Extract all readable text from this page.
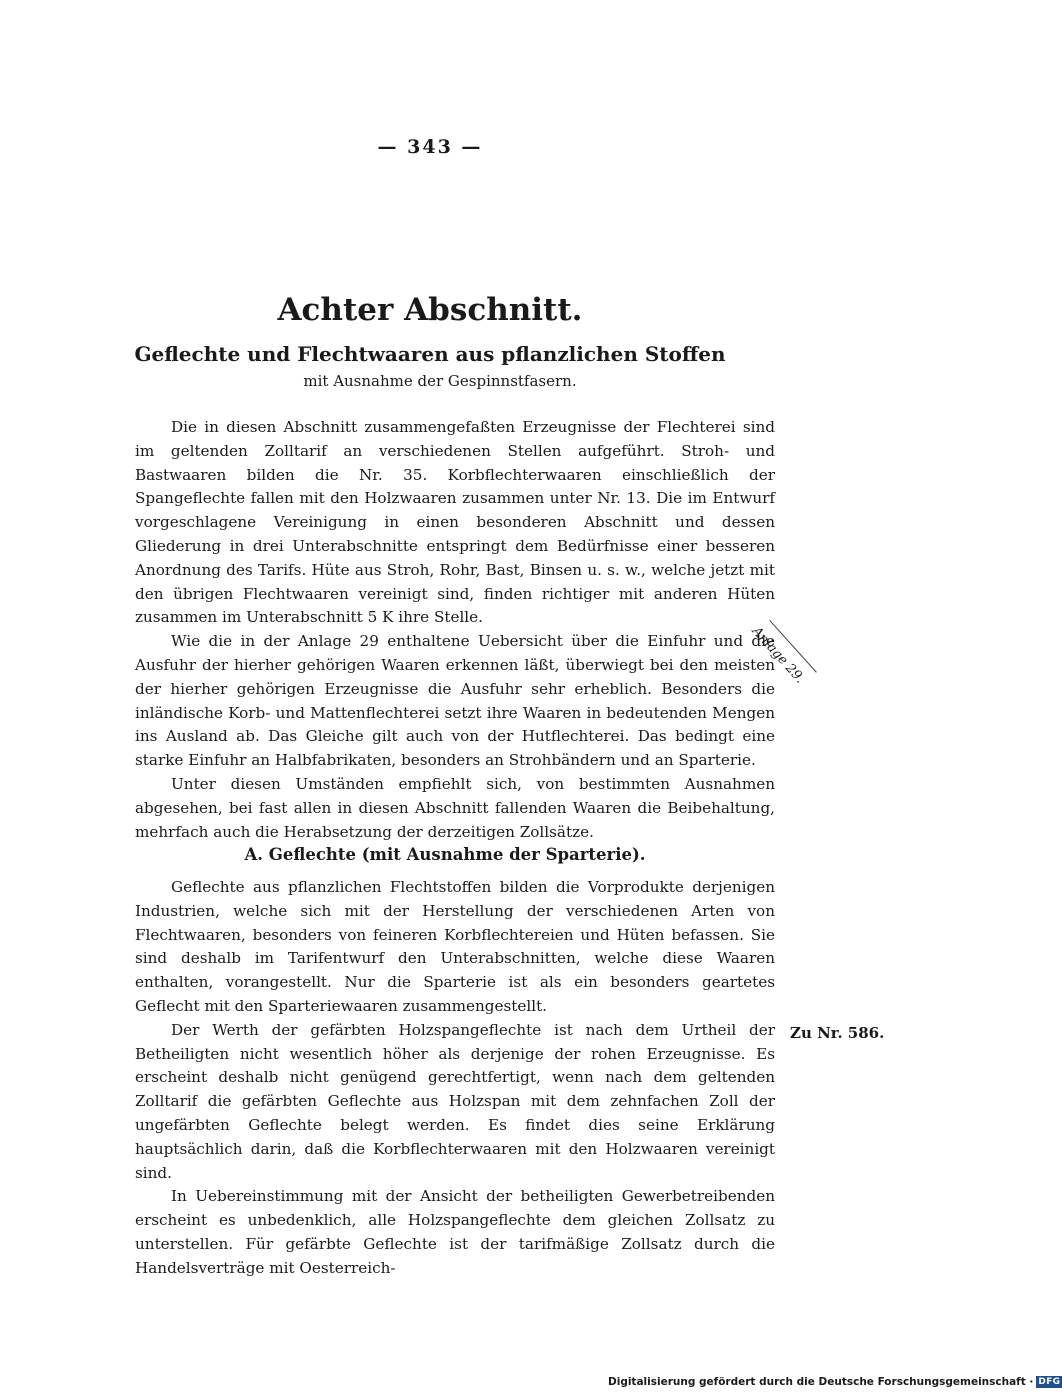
— 343 —
Achter Abschnitt.
Geflechte und Flechtwaaren aus pflanzlichen Stoffen
mit Ausnahme der Gespinnstfasern.

Die in diesen Abschnitt zusammengefaßten Erzeugnisse der Flechterei sind im geltenden Zolltarif an verschiedenen Stellen aufgeführt. Stroh- und Bastwaaren bilden die Nr. 35. Korbflechterwaaren einschließlich der Spangeflechte fallen mit den Holzwaaren zusammen unter Nr. 13. Die im Entwurf vorgeschlagene Vereinigung in einen besonderen Abschnitt und dessen Gliederung in drei Unterabschnitte entspringt dem Bedürfnisse einer besseren Anordnung des Tarifs. Hüte aus Stroh, Rohr, Bast, Binsen u. s. w., welche jetzt mit den übrigen Flechtwaaren vereinigt sind, finden richtiger mit anderen Hüten zusammen im Unterabschnitt 5 K ihre Stelle.

Wie die in der Anlage 29 enthaltene Uebersicht über die Einfuhr und die Ausfuhr der hierher gehörigen Waaren erkennen läßt, überwiegt bei den meisten der hierher gehörigen Erzeugnisse die Ausfuhr sehr erheblich. Besonders die inländische Korb- und Mattenflechterei setzt ihre Waaren in bedeutenden Mengen ins Ausland ab. Das Gleiche gilt auch von der Hutflechterei. Das bedingt eine starke Einfuhr an Halbfabrikaten, besonders an Strohbändern und an Sparterie.

Unter diesen Umständen empfiehlt sich, von bestimmten Ausnahmen abgesehen, bei fast allen in diesen Abschnitt fallenden Waaren die Beibehaltung, mehrfach auch die Herabsetzung der derzeitigen Zollsätze.

Anlage 29.
A. Geflechte (mit Ausnahme der Sparterie).

Geflechte aus pflanzlichen Flechtstoffen bilden die Vorprodukte derjenigen Industrien, welche sich mit der Herstellung der verschiedenen Arten von Flechtwaaren, besonders von feineren Korbflechtereien und Hüten befassen. Sie sind deshalb im Tarifentwurf den Unterabschnitten, welche diese Waaren enthalten, vorangestellt. Nur die Sparterie ist als ein besonders geartetes Geflecht mit den Sparteriewaaren zusammengestellt.

Der Werth der gefärbten Holzspangeflechte ist nach dem Urtheil der Betheiligten nicht wesentlich höher als derjenige der rohen Erzeugnisse. Es erscheint deshalb nicht genügend gerechtfertigt, wenn nach dem geltenden Zolltarif die gefärbten Geflechte aus Holzspan mit dem zehnfachen Zoll der ungefärbten Geflechte belegt werden. Es findet dies seine Erklärung hauptsächlich darin, daß die Korbflechterwaaren mit den Holzwaaren vereinigt sind.

In Uebereinstimmung mit der Ansicht der betheiligten Gewerbetreibenden erscheint es unbedenklich, alle Holzspangeflechte dem gleichen Zollsatz zu unterstellen. Für gefärbte Geflechte ist der tarifmäßige Zollsatz durch die Handelsverträge mit Oesterreich-

Zu Nr. 586.
Digitalisierung gefördert durch die Deutsche Forschungsgemeinschaft · DFG
